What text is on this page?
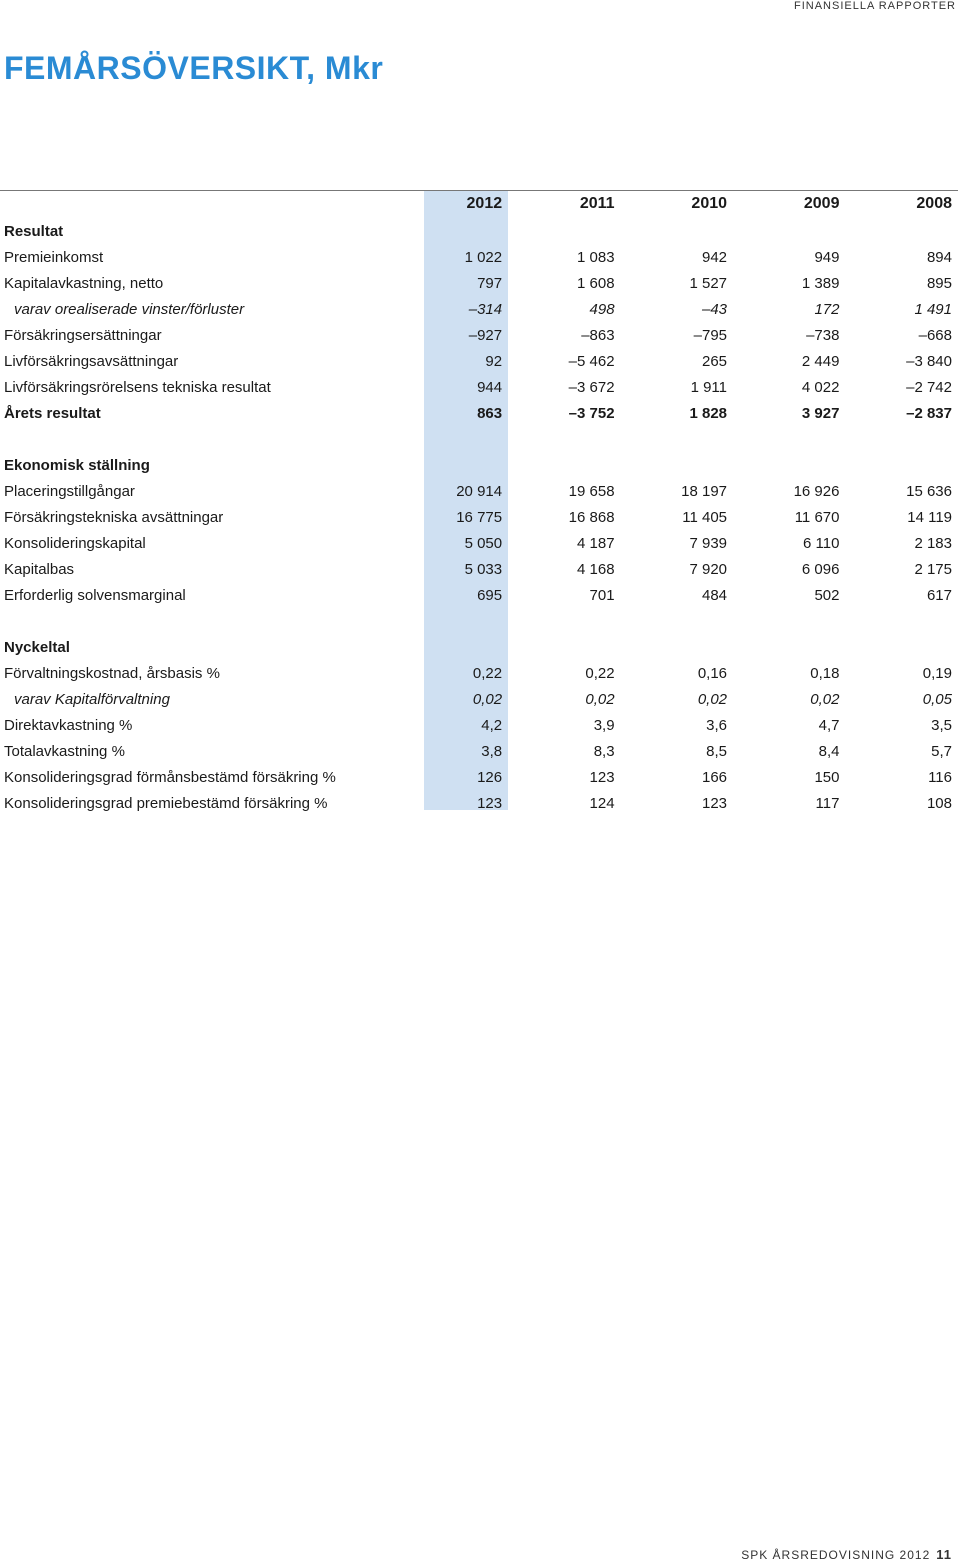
FINANSIELLA RAPPORTER
FEMÅRSÖVERSIKT, Mkr
	2012	2011	2010	2009	2008
Resultat					
Premieinkomst	1 022	1 083	942	949	894
Kapitalavkastning, netto	797	1 608	1 527	1 389	895
varav orealiserade vinster/förluster	–314	498	–43	172	1 491
Försäkringsersättningar	–927	–863	–795	–738	–668
Livförsäkringsavsättningar	92	–5 462	265	2 449	–3 840
Livförsäkringsrörelsens tekniska resultat	944	–3 672	1 911	4 022	–2 742
Årets resultat	863	–3 752	1 828	3 927	–2 837

Ekonomisk ställning					
Placeringstillgångar	20 914	19 658	18 197	16 926	15 636
Försäkringstekniska avsättningar	16 775	16 868	11 405	11 670	14 119
Konsolideringskapital	5 050	4 187	7 939	6 110	2 183
Kapitalbas	5 033	4 168	7 920	6 096	2 175
Erforderlig solvensmarginal	695	701	484	502	617

Nyckeltal					
Förvaltningskostnad, årsbasis %	0,22	0,22	0,16	0,18	0,19
varav Kapitalförvaltning	0,02	0,02	0,02	0,02	0,05
Direktavkastning %	4,2	3,9	3,6	4,7	3,5
Totalavkastning %	3,8	8,3	8,5	8,4	5,7
Konsolideringsgrad förmånsbestämd försäkring %	126	123	166	150	116
Konsolideringsgrad premiebestämd försäkring %	123	124	123	117	108
SPK ÅRSREDOVISNING 2012 11
